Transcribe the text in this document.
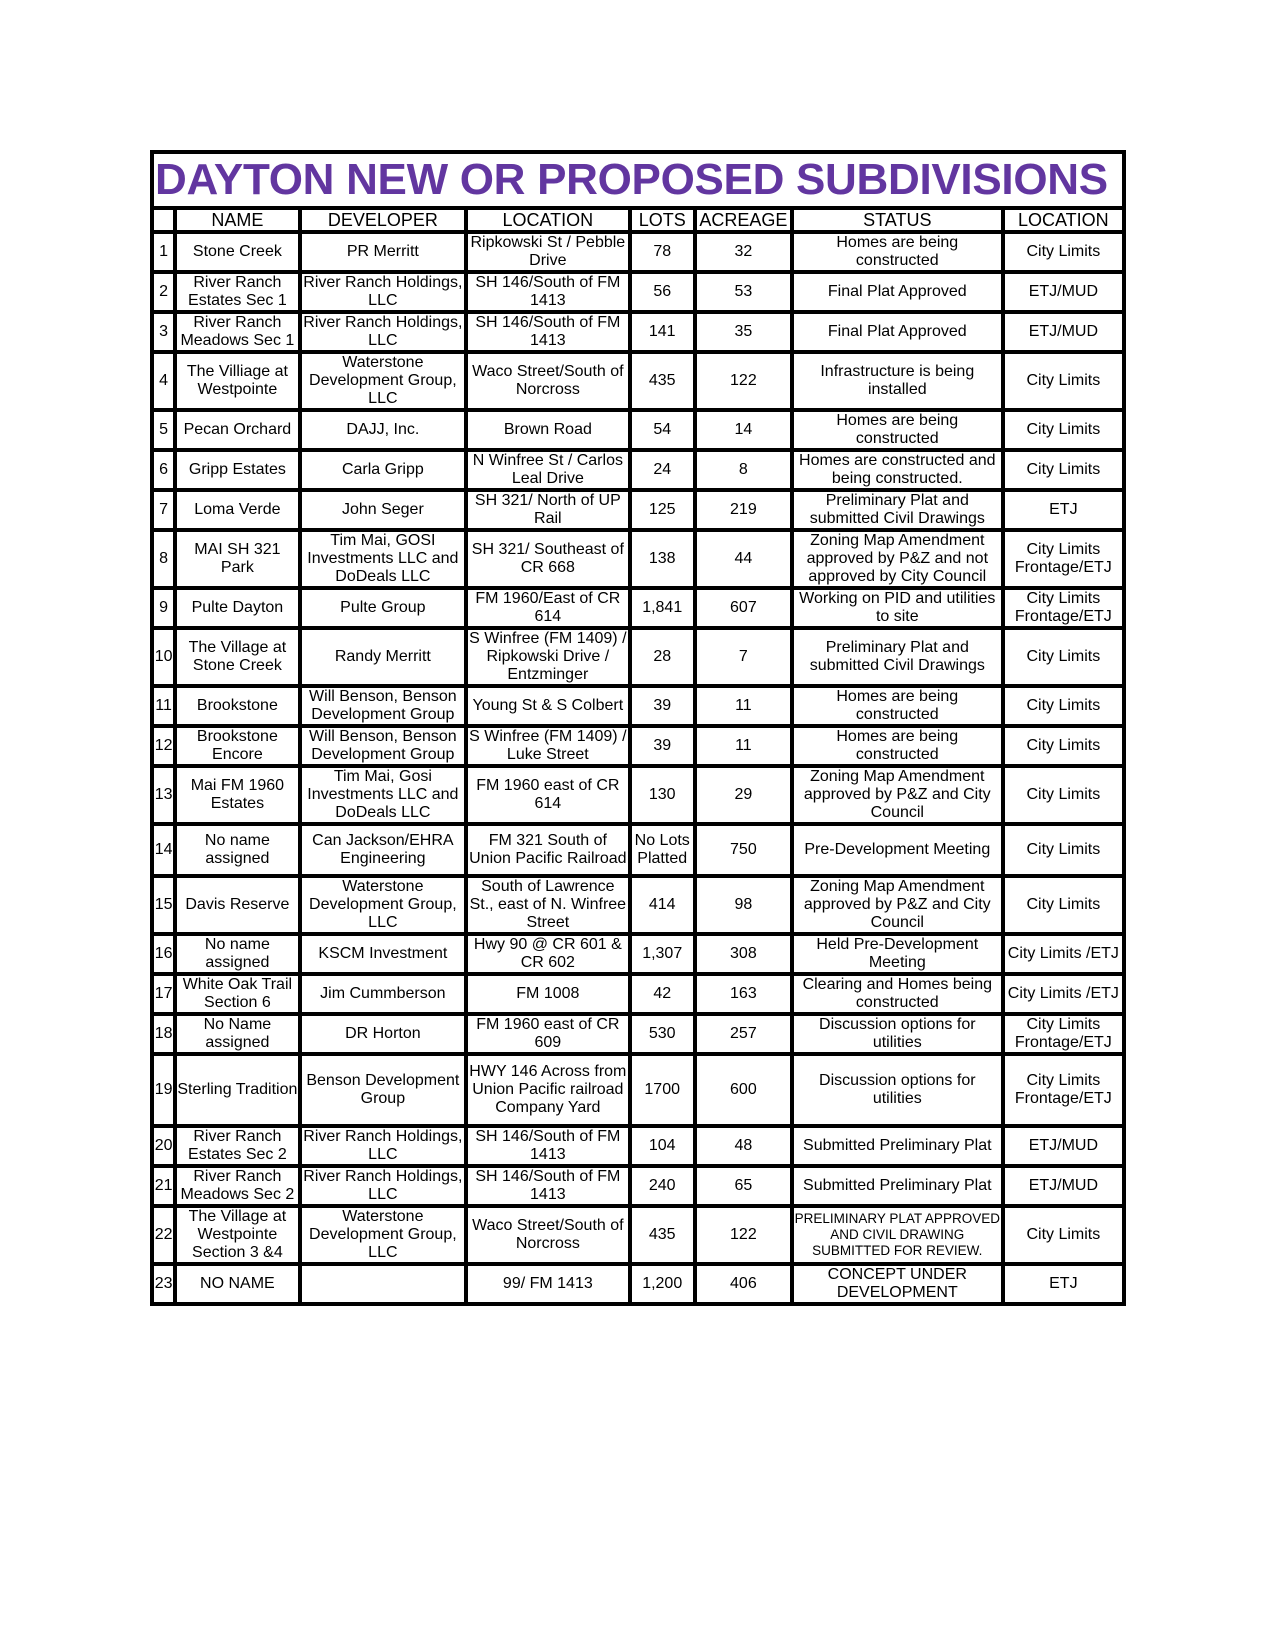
DAYTON NEW OR PROPOSED SUBDIVISIONS							
	NAME	DEVELOPER	LOCATION	LOTS	ACREAGE	STATUS	LOCATION
1	Stone Creek	PR Merritt	Ripkowski St / Pebble Drive	78	32	Homes are being constructed	City Limits
2	River Ranch Estates Sec 1	River Ranch Holdings, LLC	SH 146/South of FM 1413	56	53	Final Plat Approved	ETJ/MUD
3	River Ranch Meadows Sec 1	River Ranch Holdings, LLC	SH 146/South of FM 1413	141	35	Final Plat Approved	ETJ/MUD
4	The Villiage at Westpointe	Waterstone Development Group, LLC	Waco Street/South of Norcross	435	122	Infrastructure is being installed	City Limits
5	Pecan Orchard	DAJJ, Inc.	Brown Road	54	14	Homes are being constructed	City Limits
6	Gripp Estates	Carla Gripp	N Winfree St / Carlos Leal Drive	24	8	Homes are constructed and being constructed.	City Limits
7	Loma Verde	John Seger	SH 321/ North of UP Rail	125	219	Preliminary Plat and submitted Civil Drawings	ETJ
8	MAI SH 321 Park	Tim Mai, GOSI Investments LLC and DoDeals LLC	SH 321/ Southeast of CR 668	138	44	Zoning Map Amendment approved by P&Z and not approved by City Council	City Limits Frontage/ETJ
9	Pulte Dayton	Pulte Group	FM 1960/East of CR 614	1,841	607	Working on PID and utilities to site	City Limits Frontage/ETJ
10	The Village at Stone Creek	Randy Merritt	S Winfree (FM 1409) / Ripkowski Drive / Entzminger	28	7	Preliminary Plat and submitted Civil Drawings	City Limits
11	Brookstone	Will Benson, Benson Development Group	Young St & S Colbert	39	11	Homes are being constructed	City Limits
12	Brookstone Encore	Will Benson, Benson Development Group	S Winfree (FM 1409) / Luke Street	39	11	Homes are being constructed	City Limits
13	Mai FM 1960 Estates	Tim Mai, Gosi Investments LLC and DoDeals LLC	FM 1960 east of CR 614	130	29	Zoning Map Amendment approved by P&Z and City Council	City Limits
14	No name assigned	Can Jackson/EHRA Engineering	FM 321 South of Union Pacific Railroad	No Lots Platted	750	Pre-Development Meeting	City Limits
15	Davis Reserve	Waterstone Development Group, LLC	South of Lawrence St., east of N. Winfree Street	414	98	Zoning Map Amendment approved by P&Z and City Council	City Limits
16	No name assigned	KSCM Investment	Hwy 90 @ CR 601 & CR 602	1,307	308	Held Pre-Development Meeting	City Limits /ETJ
17	White Oak Trail Section 6	Jim Cummberson	FM 1008	42	163	Clearing and Homes being constructed	City Limits /ETJ
18	No Name assigned	DR Horton	FM 1960 east of CR 609	530	257	Discussion options for utilities	City Limits Frontage/ETJ
19	Sterling Tradition	Benson Development Group	HWY 146 Across from Union Pacific railroad Company Yard	1700	600	Discussion options for utilities	City Limits Frontage/ETJ
20	River Ranch Estates Sec 2	River Ranch Holdings, LLC	SH 146/South of FM 1413	104	48	Submitted Preliminary Plat	ETJ/MUD
21	River Ranch Meadows Sec 2	River Ranch Holdings, LLC	SH 146/South of FM 1413	240	65	Submitted Preliminary Plat	ETJ/MUD
22	The Village at Westpointe Section 3 &4	Waterstone Development Group, LLC	Waco Street/South of Norcross	435	122	PRELIMINARY PLAT APPROVED AND CIVIL DRAWING SUBMITTED FOR REVIEW.	City Limits
23	NO NAME		99/ FM 1413	1,200	406	CONCEPT UNDER DEVELOPMENT	ETJ
